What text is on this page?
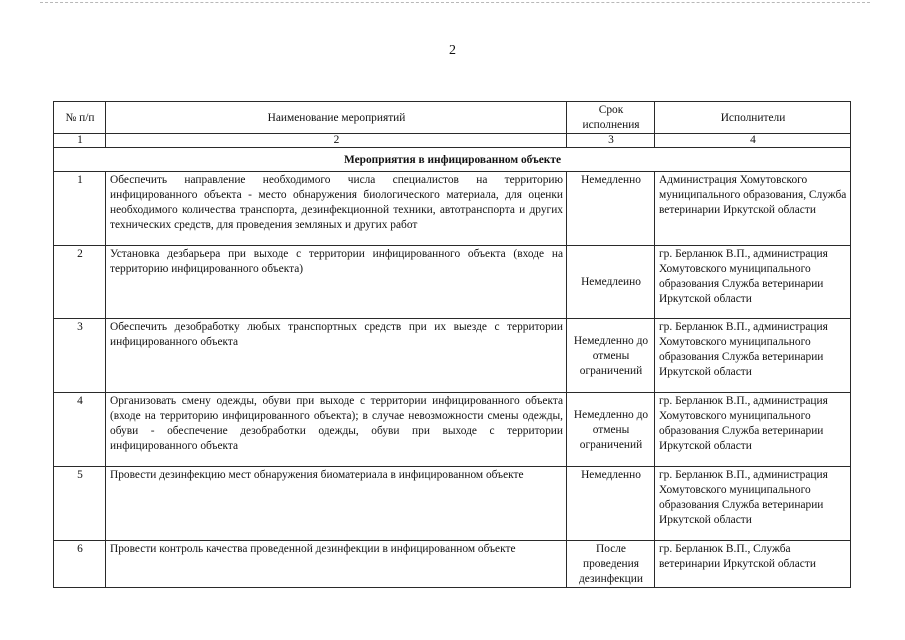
2
№ п/п	Наименование мероприятий	Срок исполнения	Исполнители
1	2	3	4
Мероприятия в инфицированном объекте			
1	Обеспечить направление необходимого числа специалистов на территорию инфицированного объекта - место обнаружения биологического материала, для оценки необходимого количества транспорта, дезинфекционной техники, автотранспорта и других технических средств, для проведения земляных и других работ	Немедленно	Администрация Хомутовского муниципального образования, Служба ветеринарии Иркутской области
2	Установка дезбарьера при выходе с территории инфицированного объекта (входе на территорию инфицированного объекта)	Немедлеино	гр. Берланюк В.П., администрация Хомутовского муниципального образования Служба ветеринарии Иркутской области
3	Обеспечить дезобработку любых транспортных средств при их выезде с территории инфицированного объекта	Немедленно до отмены ограничений	гр. Берланюк В.П., администрация Хомутовского муниципального образования Служба ветеринарии Иркутской области
4	Организовать смену одежды, обуви при выходе с территории инфицированного объекта (входе на территорию инфицированного объекта); в случае невозможности смены одежды, обуви - обеспечение дезобработки одежды, обуви при выходе с территории инфицированного объекта	Немедленно до отмены ограничений	гр. Берланюк В.П., администрация Хомутовского муниципального образования Служба ветеринарии Иркутской области
5	Провести дезинфекцию мест обнаружения биоматериала в инфицированном объекте	Немедленно	гр. Берланюк В.П., администрация Хомутовского муниципального образования Служба ветеринарии Иркутской области
6	Провести контроль качества проведенной дезинфекции в инфицированном объекте	После проведения дезинфекции	гр. Берланюк В.П., Служба ветеринарии Иркутской области
